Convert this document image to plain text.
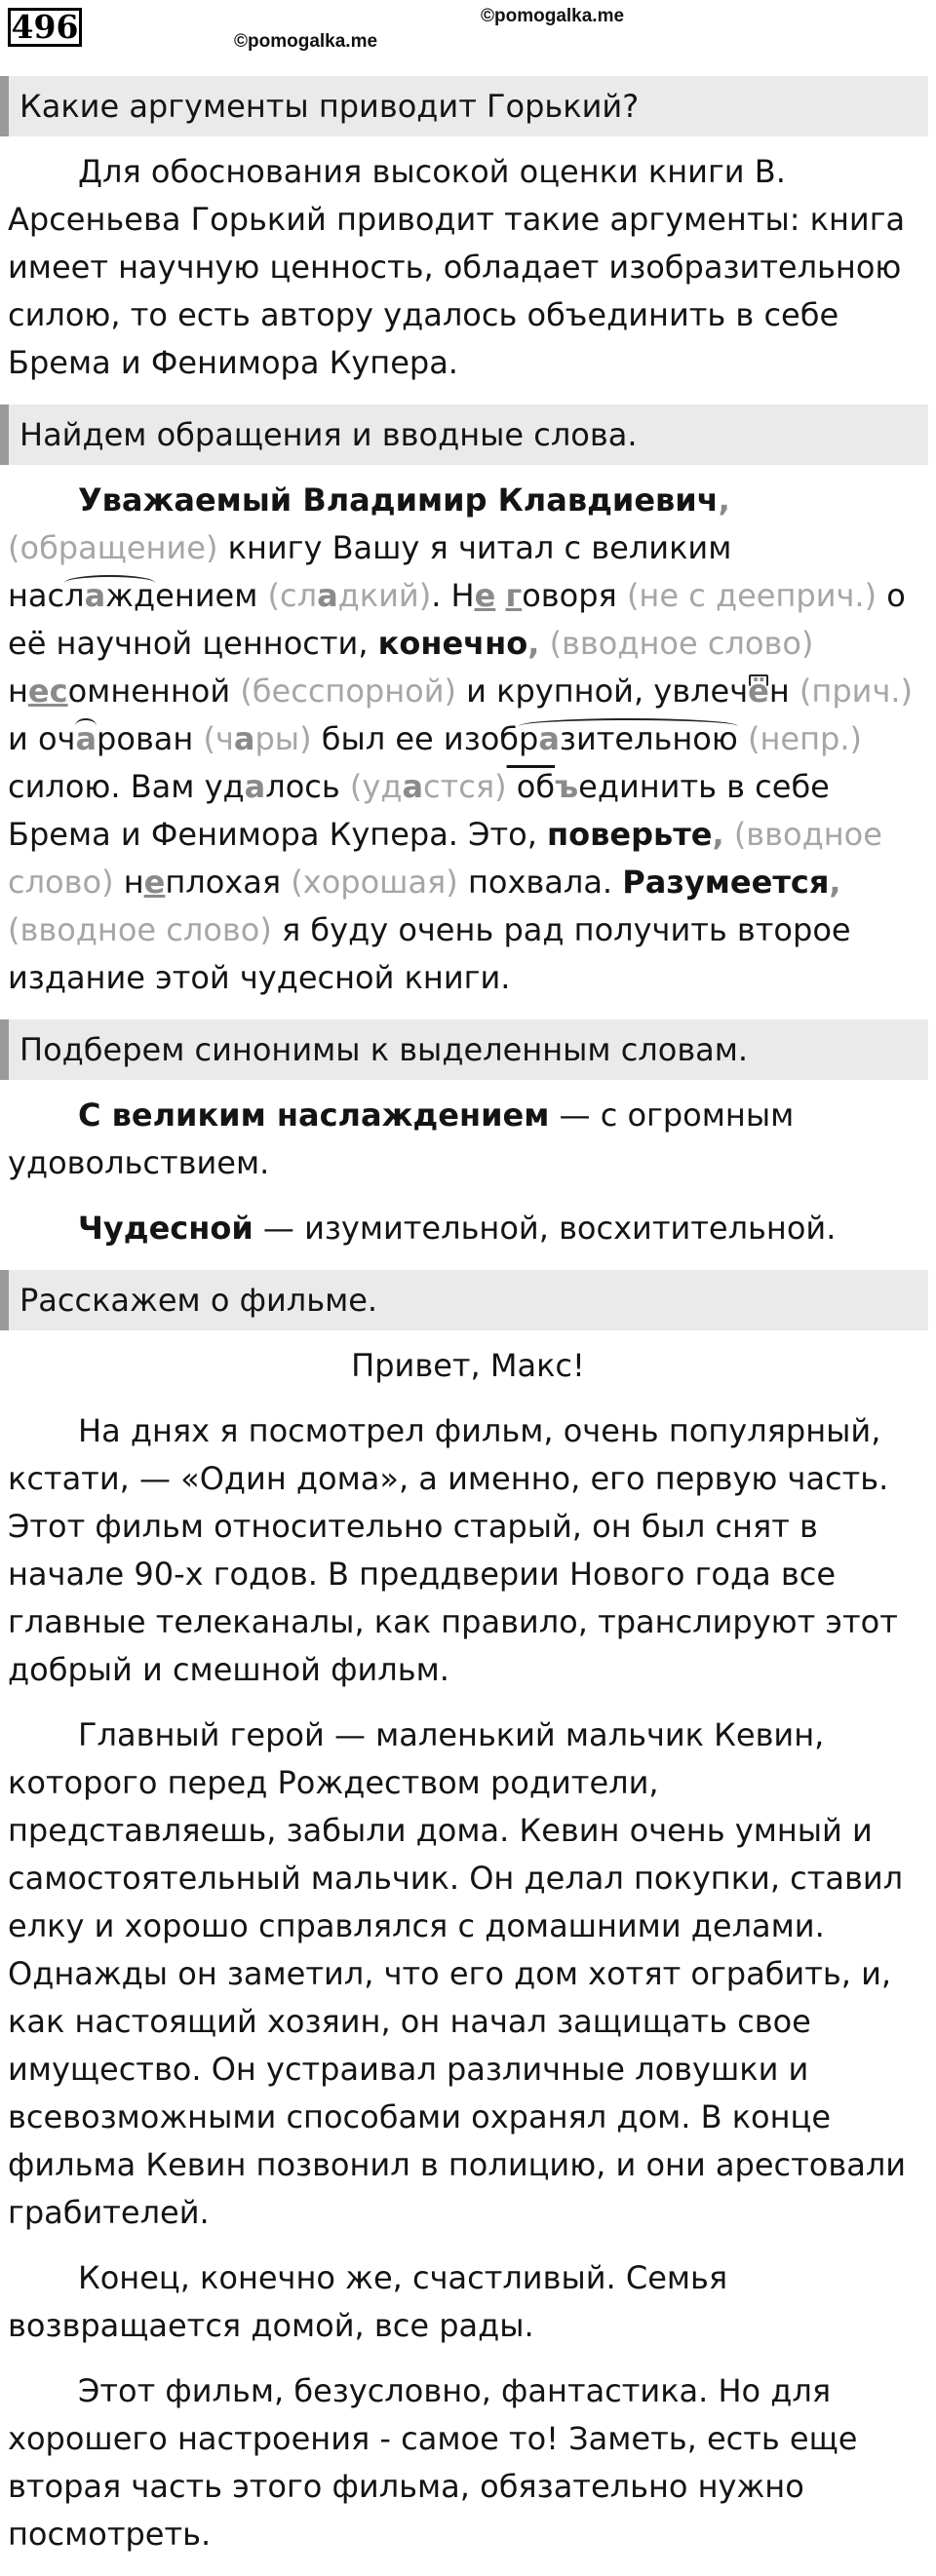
496	©pomogalka.me
©pomogalka.me
Какие аргументы приводит Горький?

Для обоснования высокой оценки книги В. Арсеньева Горький приводит такие аргументы: книга имеет научную ценность, обладает изобразительною силою, то есть автору удалось объединить в себе Брема и Фенимора Купера.

Найдем обращения и вводные слова.

Уважаемый Владимир Клавдиевич, (обращение) книгу Вашу я читал с великим наслаждением (сладкий). Не говоря (не с дееприч.) о её научной ценности, конечно, (вводное слово) несомненной (бесспорной) и крупной, увлечён (прич.) и очарован (чары) был ее изобразительною (непр.) силою. Вам удалось (удастся) объединить в себе Брема и Фенимора Купера. Это, поверьте, (вводное слово) неплохая (хорошая) похвала. Разумеется, (вводное слово) я буду очень рад получить второе издание этой чудесной книги.

Подберем синонимы к выделенным словам.

С великим наслаждением — с огромным удовольствием.

Чудесной — изумительной, восхитительной.

Расскажем о фильме.

Привет, Макс!

На днях я посмотрел фильм, очень популярный, кстати, — «Один дома», а именно, его первую часть. Этот фильм относительно старый, он был снят в начале 90-х годов. В преддверии Нового года все главные телеканалы, как правило, транслируют этот добрый и смешной фильм.

Главный герой — маленький мальчик Кевин, которого перед Рождеством родители, представляешь, забыли дома. Кевин очень умный и самостоятельный мальчик. Он делал покупки, ставил елку и хорошо справлялся с домашними делами. Однажды он заметил, что его дом хотят ограбить, и, как настоящий хозяин, он начал защищать свое имущество. Он устраивал различные ловушки и всевозможными способами охранял дом. В конце фильма Кевин позвонил в полицию, и они арестовали грабителей.

Конец, конечно же, счастливый. Семья возвращается домой, все рады.

Этот фильм, безусловно, фантастика. Но для хорошего настроения - самое то! Заметь, есть еще вторая часть этого фильма, обязательно нужно посмотреть.
